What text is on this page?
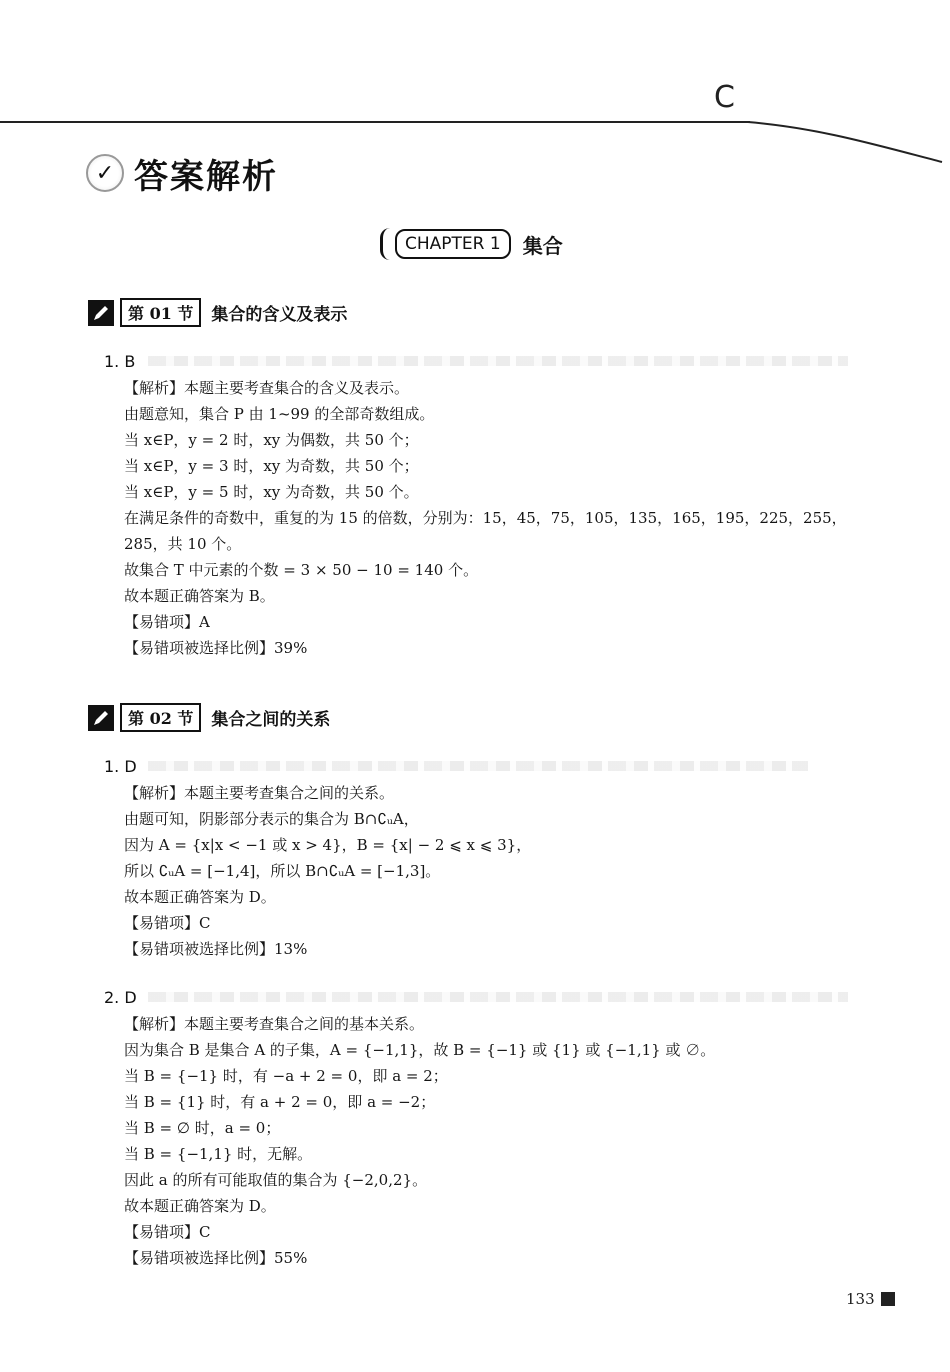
C
✓ 答案解析
CHAPTER 1	集合
第 01 节	集合的含义及表示
1. B
【解析】本题主要考查集合的含义及表示。
由题意知，集合 P 由 1~99 的全部奇数组成。
当 x∈P，y = 2 时，xy 为偶数，共 50 个；
当 x∈P，y = 3 时，xy 为奇数，共 50 个；
当 x∈P，y = 5 时，xy 为奇数，共 50 个。
在满足条件的奇数中，重复的为 15 的倍数，分别为：15，45，75，105，135，165，195，225，255，
285，共 10 个。
故集合 T 中元素的个数 = 3 × 50 − 10 = 140 个。
故本题正确答案为 B。
【易错项】A
【易错项被选择比例】39%
第 02 节	集合之间的关系
1. D
【解析】本题主要考查集合之间的关系。
由题可知，阴影部分表示的集合为 B∩∁ᵤA，
因为 A = {x|x < −1 或 x > 4}，B = {x| − 2 ⩽ x ⩽ 3}，
所以 ∁ᵤA = [−1,4]，所以 B∩∁ᵤA = [−1,3]。
故本题正确答案为 D。
【易错项】C
【易错项被选择比例】13%
2. D
【解析】本题主要考查集合之间的基本关系。
因为集合 B 是集合 A 的子集，A = {−1,1}，故 B = {−1} 或 {1} 或 {−1,1} 或 ∅。
当 B = {−1} 时，有 −a + 2 = 0，即 a = 2；
当 B = {1} 时，有 a + 2 = 0，即 a = −2；
当 B = ∅ 时，a = 0；
当 B = {−1,1} 时，无解。
因此 a 的所有可能取值的集合为 {−2,0,2}。
故本题正确答案为 D。
【易错项】C
【易错项被选择比例】55%
133
